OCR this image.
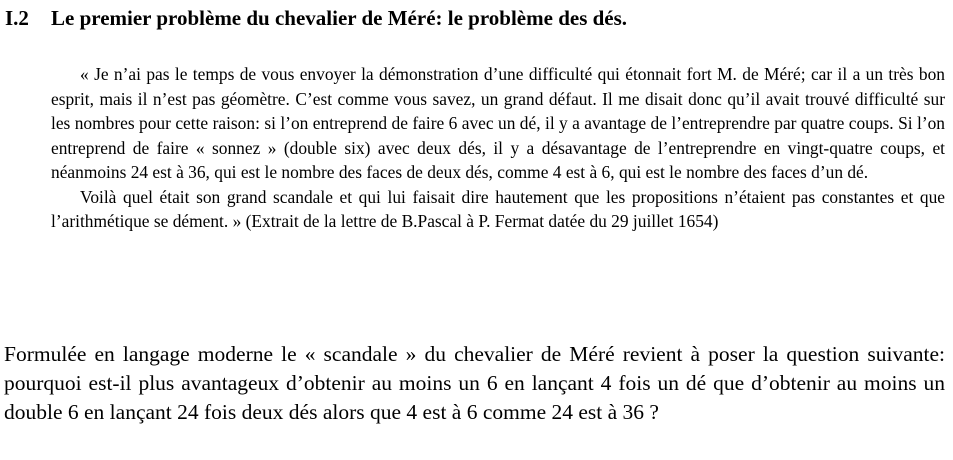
I.2 Le premier problème du chevalier de Méré: le problème des dés.

« Je n’ai pas le temps de vous envoyer la démonstration d’une difficulté qui étonnait fort M. de Méré; car il a un très bon esprit, mais il n’est pas géomètre. C’est comme vous savez, un grand défaut. Il me disait donc qu’il avait trouvé difficulté sur les nombres pour cette raison: si l’on entreprend de faire 6 avec un dé, il y a avantage de l’entreprendre par quatre coups. Si l’on entreprend de faire « sonnez » (double six) avec deux dés, il y a désavantage de l’entreprendre en vingt-quatre coups, et néanmoins 24 est à 36, qui est le nombre des faces de deux dés, comme 4 est à 6, qui est le nombre des faces d’un dé.

Voilà quel était son grand scandale et qui lui faisait dire hautement que les propositions n’étaient pas constantes et que l’arithmétique se dément. » (Extrait de la lettre de B.Pascal à P. Fermat datée du 29 juillet 1654)

Formulée en langage moderne le « scandale » du chevalier de Méré revient à poser la question suivante: pourquoi est-il plus avantageux d’obtenir au moins un 6 en lançant 4 fois un dé que d’obtenir au moins un double 6 en lançant 24 fois deux dés alors que 4 est à 6 comme 24 est à 36 ?
